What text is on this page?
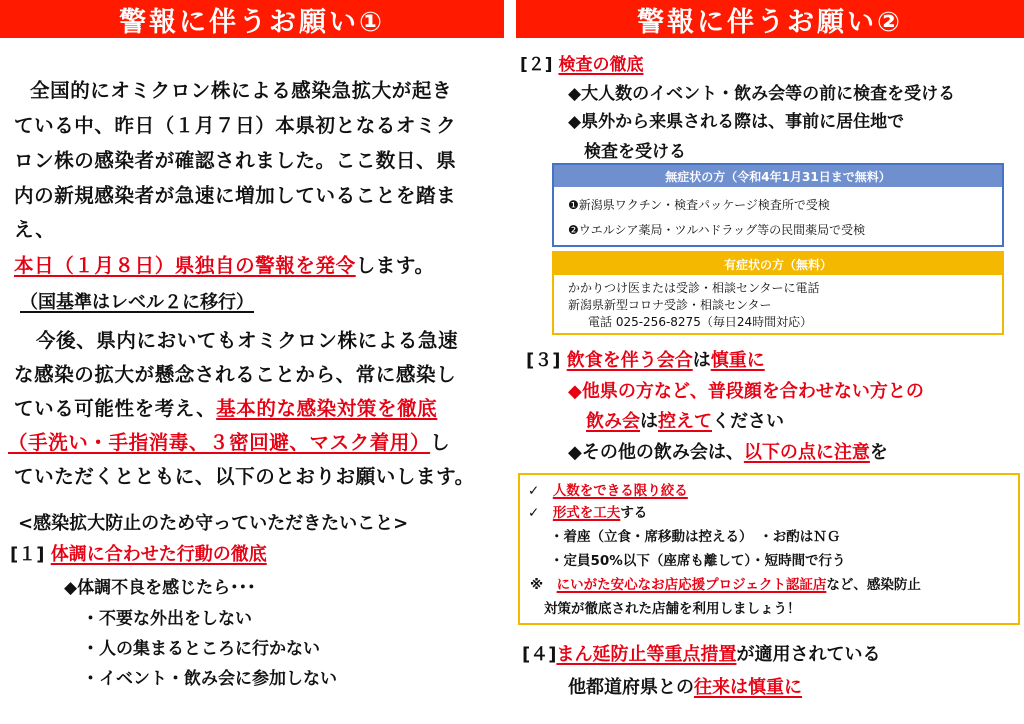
警報に伴うお願い①
全国的にオミクロン株による感染急拡大が起き
ている中、昨日（１月７日）本県初となるオミク
ロン株の感染者が確認されました。ここ数日、県
内の新規感染者が急速に増加していることを踏ま
え、
本日（１月８日）県独自の警報を発令します。
（国基準はレベル２に移行）
今後、県内においてもオミクロン株による急速
な感染の拡大が懸念されることから、常に感染し
ている可能性を考え、基本的な感染対策を徹底
（手洗い・手指消毒、３密回避、マスク着用）し
ていただくとともに、以下のとおりお願いします。
<感染拡大防止のため守っていただきたいこと>
[１] 体調に合わせた行動の徹底
◆体調不良を感じたら･･･
・不要な外出をしない
・人の集まるところに行かない
・イベント・飲み会に参加しない
警報に伴うお願い②
[２] 検査の徹底
◆大人数のイベント・飲み会等の前に検査を受ける
◆県外から来県される際は、事前に居住地で
検査を受ける
無症状の方（令和4年1月31日まで無料）
❶新潟県ワクチン・検査パッケージ検査所で受検
❷ウエルシア薬局・ツルハドラッグ等の民間薬局で受検
有症状の方（無料）
かかりつけ医または受診・相談センターに電話
新潟県新型コロナ受診・相談センター
電話 025-256-8275（毎日24時間対応）
[３] 飲食を伴う会合は慎重に
◆他県の方など、普段顔を合わせない方との
飲み会は控えてください
◆その他の飲み会は、以下の点に注意を
✓　 人数をできる限り絞る
✓　 形式を工夫する
・着座（立食・席移動は控える）　・お酌はＮＧ
・定員50%以下（座席も離して）・短時間で行う
※　 にいがた安心なお店応援プロジェクト認証店など、感染防止
対策が徹底された店舗を利用しましょう！
[４]まん延防止等重点措置が適用されている
他都道府県との往来は慎重に
